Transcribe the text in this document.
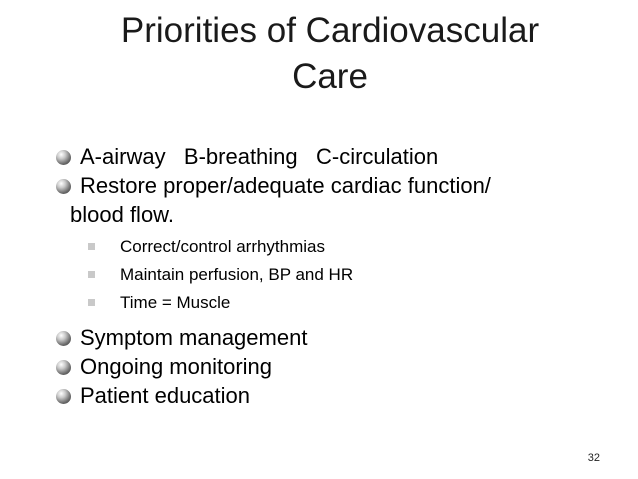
Priorities of Cardiovascular
Care
A-airway   B-breathing   C-circulation
Restore proper/adequate cardiac function/
blood flow.
Correct/control arrhythmias
Maintain perfusion, BP and HR
Time = Muscle
Symptom management
Ongoing monitoring
Patient education
32
